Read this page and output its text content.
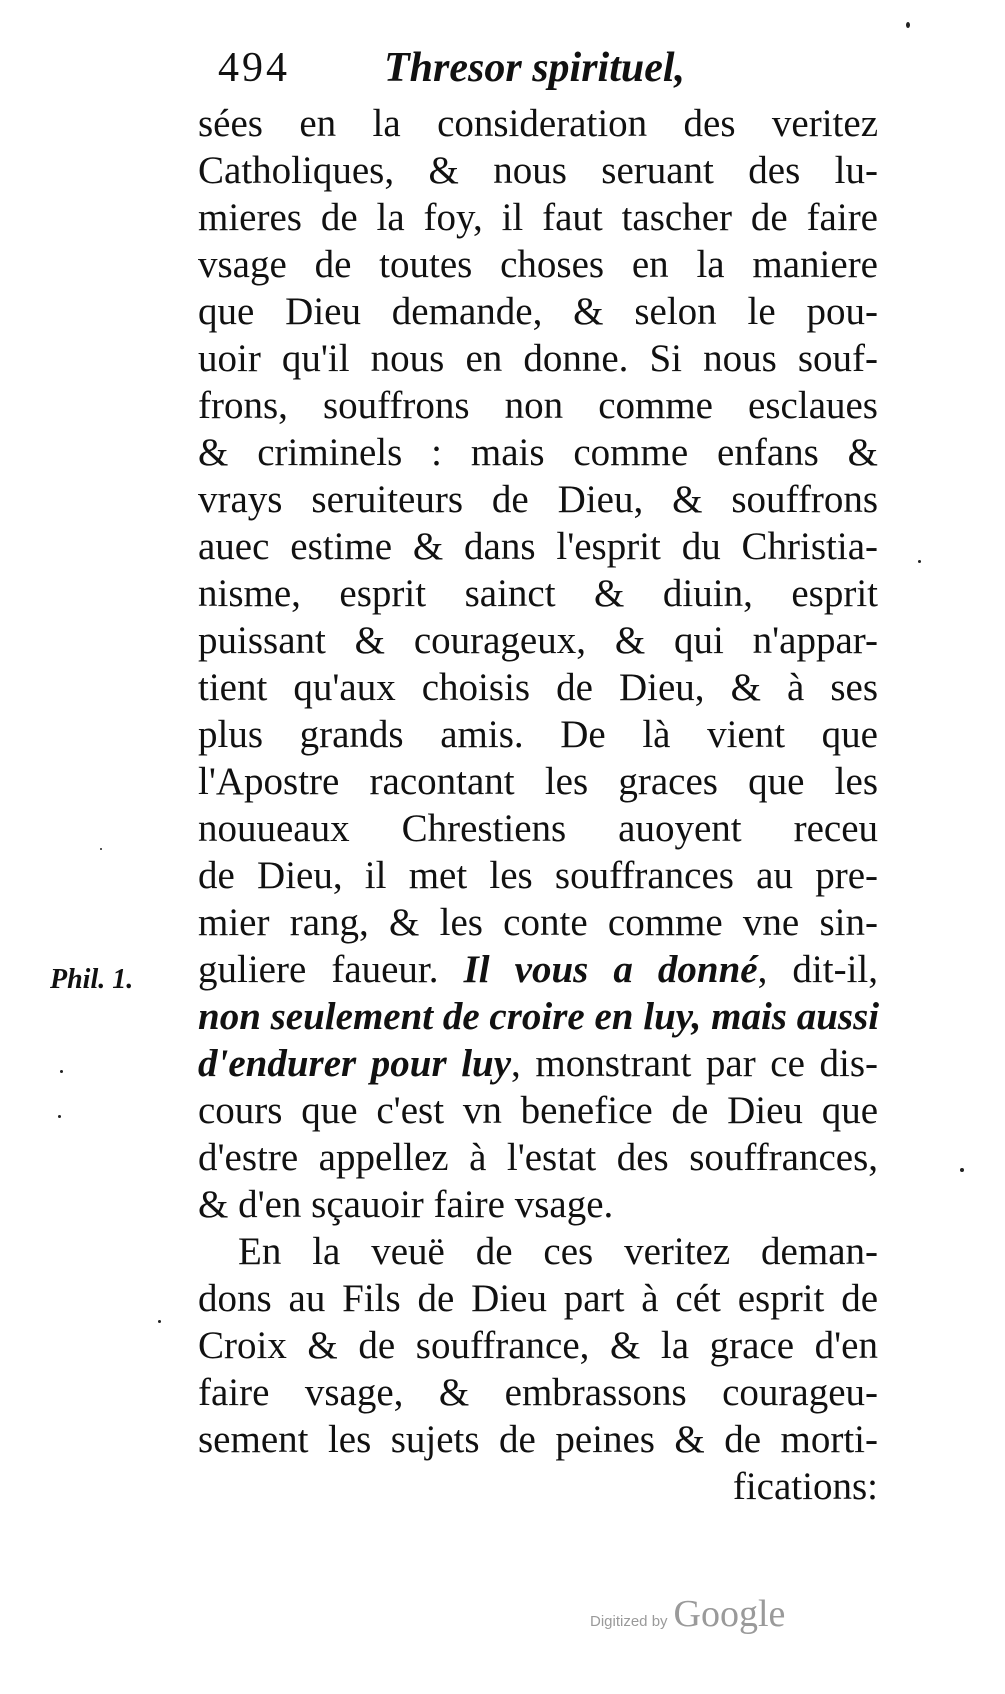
494 Thresor spirituel,
Phil. 1.
sées en la consideration des veritez
Catholiques, & nous seruant des lu-
mieres de la foy, il faut tascher de faire
vsage de toutes choses en la maniere
que Dieu demande, & selon le pou-
uoir qu'il nous en donne. Si nous souf-
frons, souffrons non comme esclaues
& criminels : mais comme enfans &
vrays seruiteurs de Dieu, & souffrons
auec estime & dans l'esprit du Christia-
nisme, esprit sainct & diuin, esprit
puissant & courageux, & qui n'appar-
tient qu'aux choisis de Dieu, & à ses
plus grands amis. De là vient que
l'Apostre racontant les graces que les
nouueaux Chrestiens auoyent receu
de Dieu, il met les souffrances au pre-
mier rang, & les conte comme vne sin-
guliere faueur. Il vous a donné, dit-il,
non seulement de croire en luy, mais aussi
d'endurer pour luy, monstrant par ce dis-
cours que c'est vn benefice de Dieu que
d'estre appellez à l'estat des souffrances,
& d'en sçauoir faire vsage.
En la veuë de ces veritez deman-
dons au Fils de Dieu part à cét esprit de
Croix & de souffrance, & la grace d'en
faire vsage, & embrassons courageu-
sement les sujets de peines & de morti-
fications:
Digitized by Google
